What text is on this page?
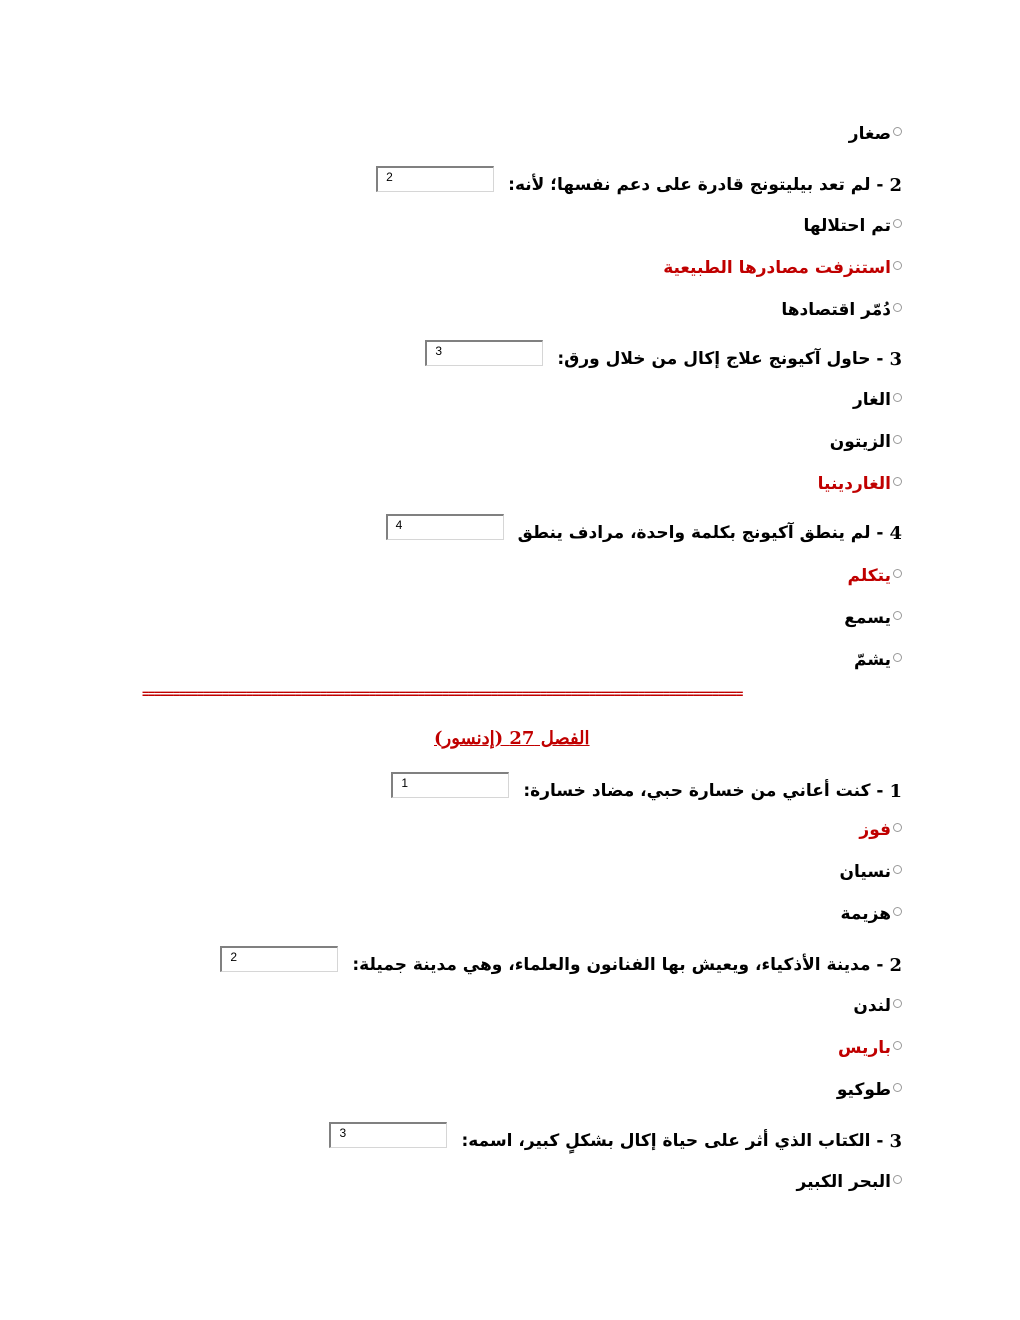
صغار
2
- لم تعد بيليتونج قادرة على دعم نفسها؛ لأنه:
2
تم احتلالها
استنزفت مصادرها الطبيعية
دُمّر اقتصادها
3
- حاول آكيونج علاج إكال من خلال ورق:
3
الغار
الزيتون
الغاردينيا
4
- لم ينطق آكيونج بكلمة واحدة، مرادف ينطق
4
يتكلم
يسمع
يشمّ
==================================================================================================
الفصل 27 (إدنسور)
1
- كنت أعاني من خسارة حبي، مضاد خسارة:
1
فوز
نسيان
هزيمة
2
- مدينة الأذكياء، ويعيش بها الفنانون والعلماء، وهي مدينة جميلة:
2
لندن
باريس
طوكيو
3
- الكتاب الذي أثر على حياة إكال بشكلٍ كبير، اسمه:
3
البحر الكبير
